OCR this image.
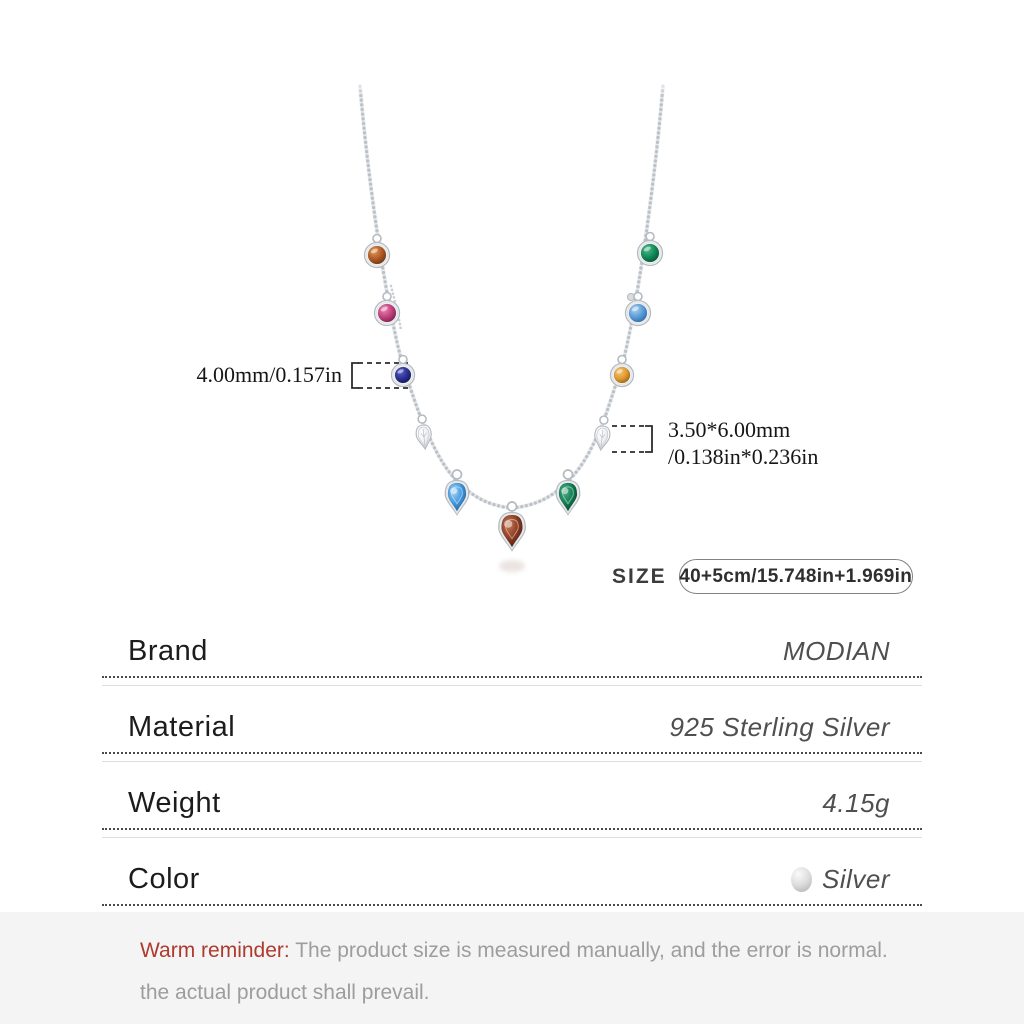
4.00mm/0.157in
3.50*6.00mm
/0.138in*0.236in
SIZE 40+5cm/15.748in+1.969in
Brand	MODIAN
Material	925 Sterling Silver
Weight	4.15g
Color	Silver
Warm reminder: The product size is measured manually, and the error is normal.
the actual product shall prevail.
